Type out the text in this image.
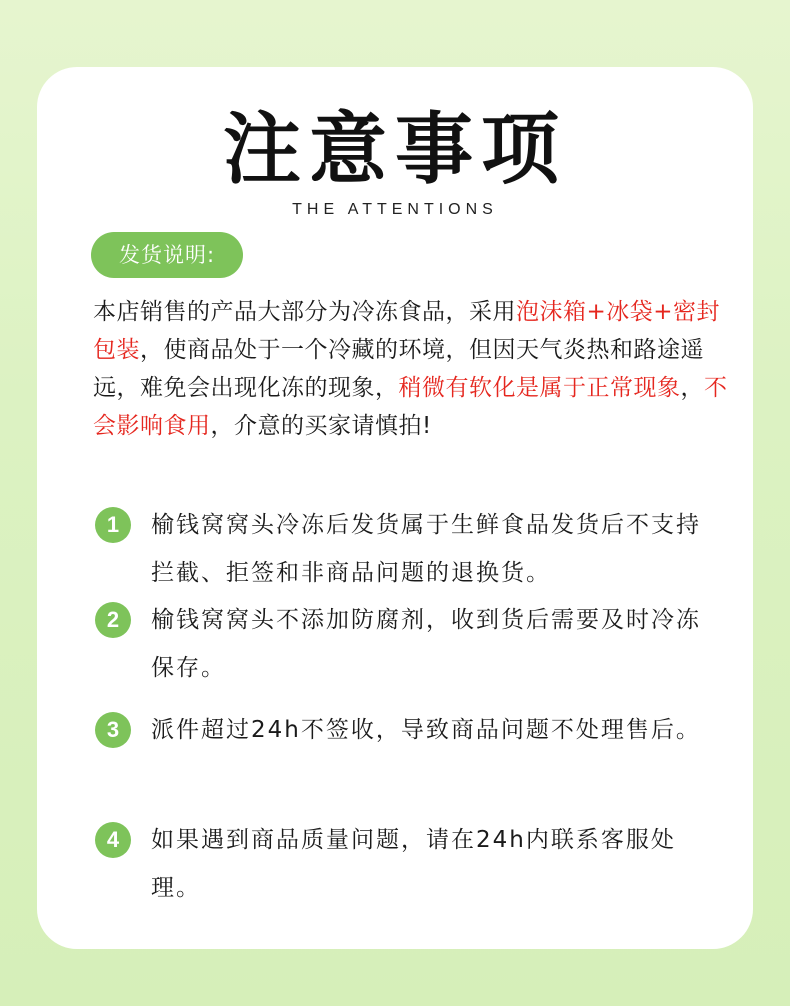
注意事项
THE ATTENTIONS
发货说明:
本店销售的产品大部分为冷冻食品，采用泡沫箱+冰袋+密封包装，使商品处于一个冷藏的环境，但因天气炎热和路途遥远，难免会出现化冻的现象，稍微有软化是属于正常现象，不会影响食用，介意的买家请慎拍!
1	榆钱窝窝头冷冻后发货属于生鲜食品发货后不支持拦截、拒签和非商品问题的退换货。
2	榆钱窝窝头不添加防腐剂，收到货后需要及时冷冻保存。
3	派件超过24h不签收，导致商品问题不处理售后。
4	如果遇到商品质量问题，请在24h内联系客服处理。
